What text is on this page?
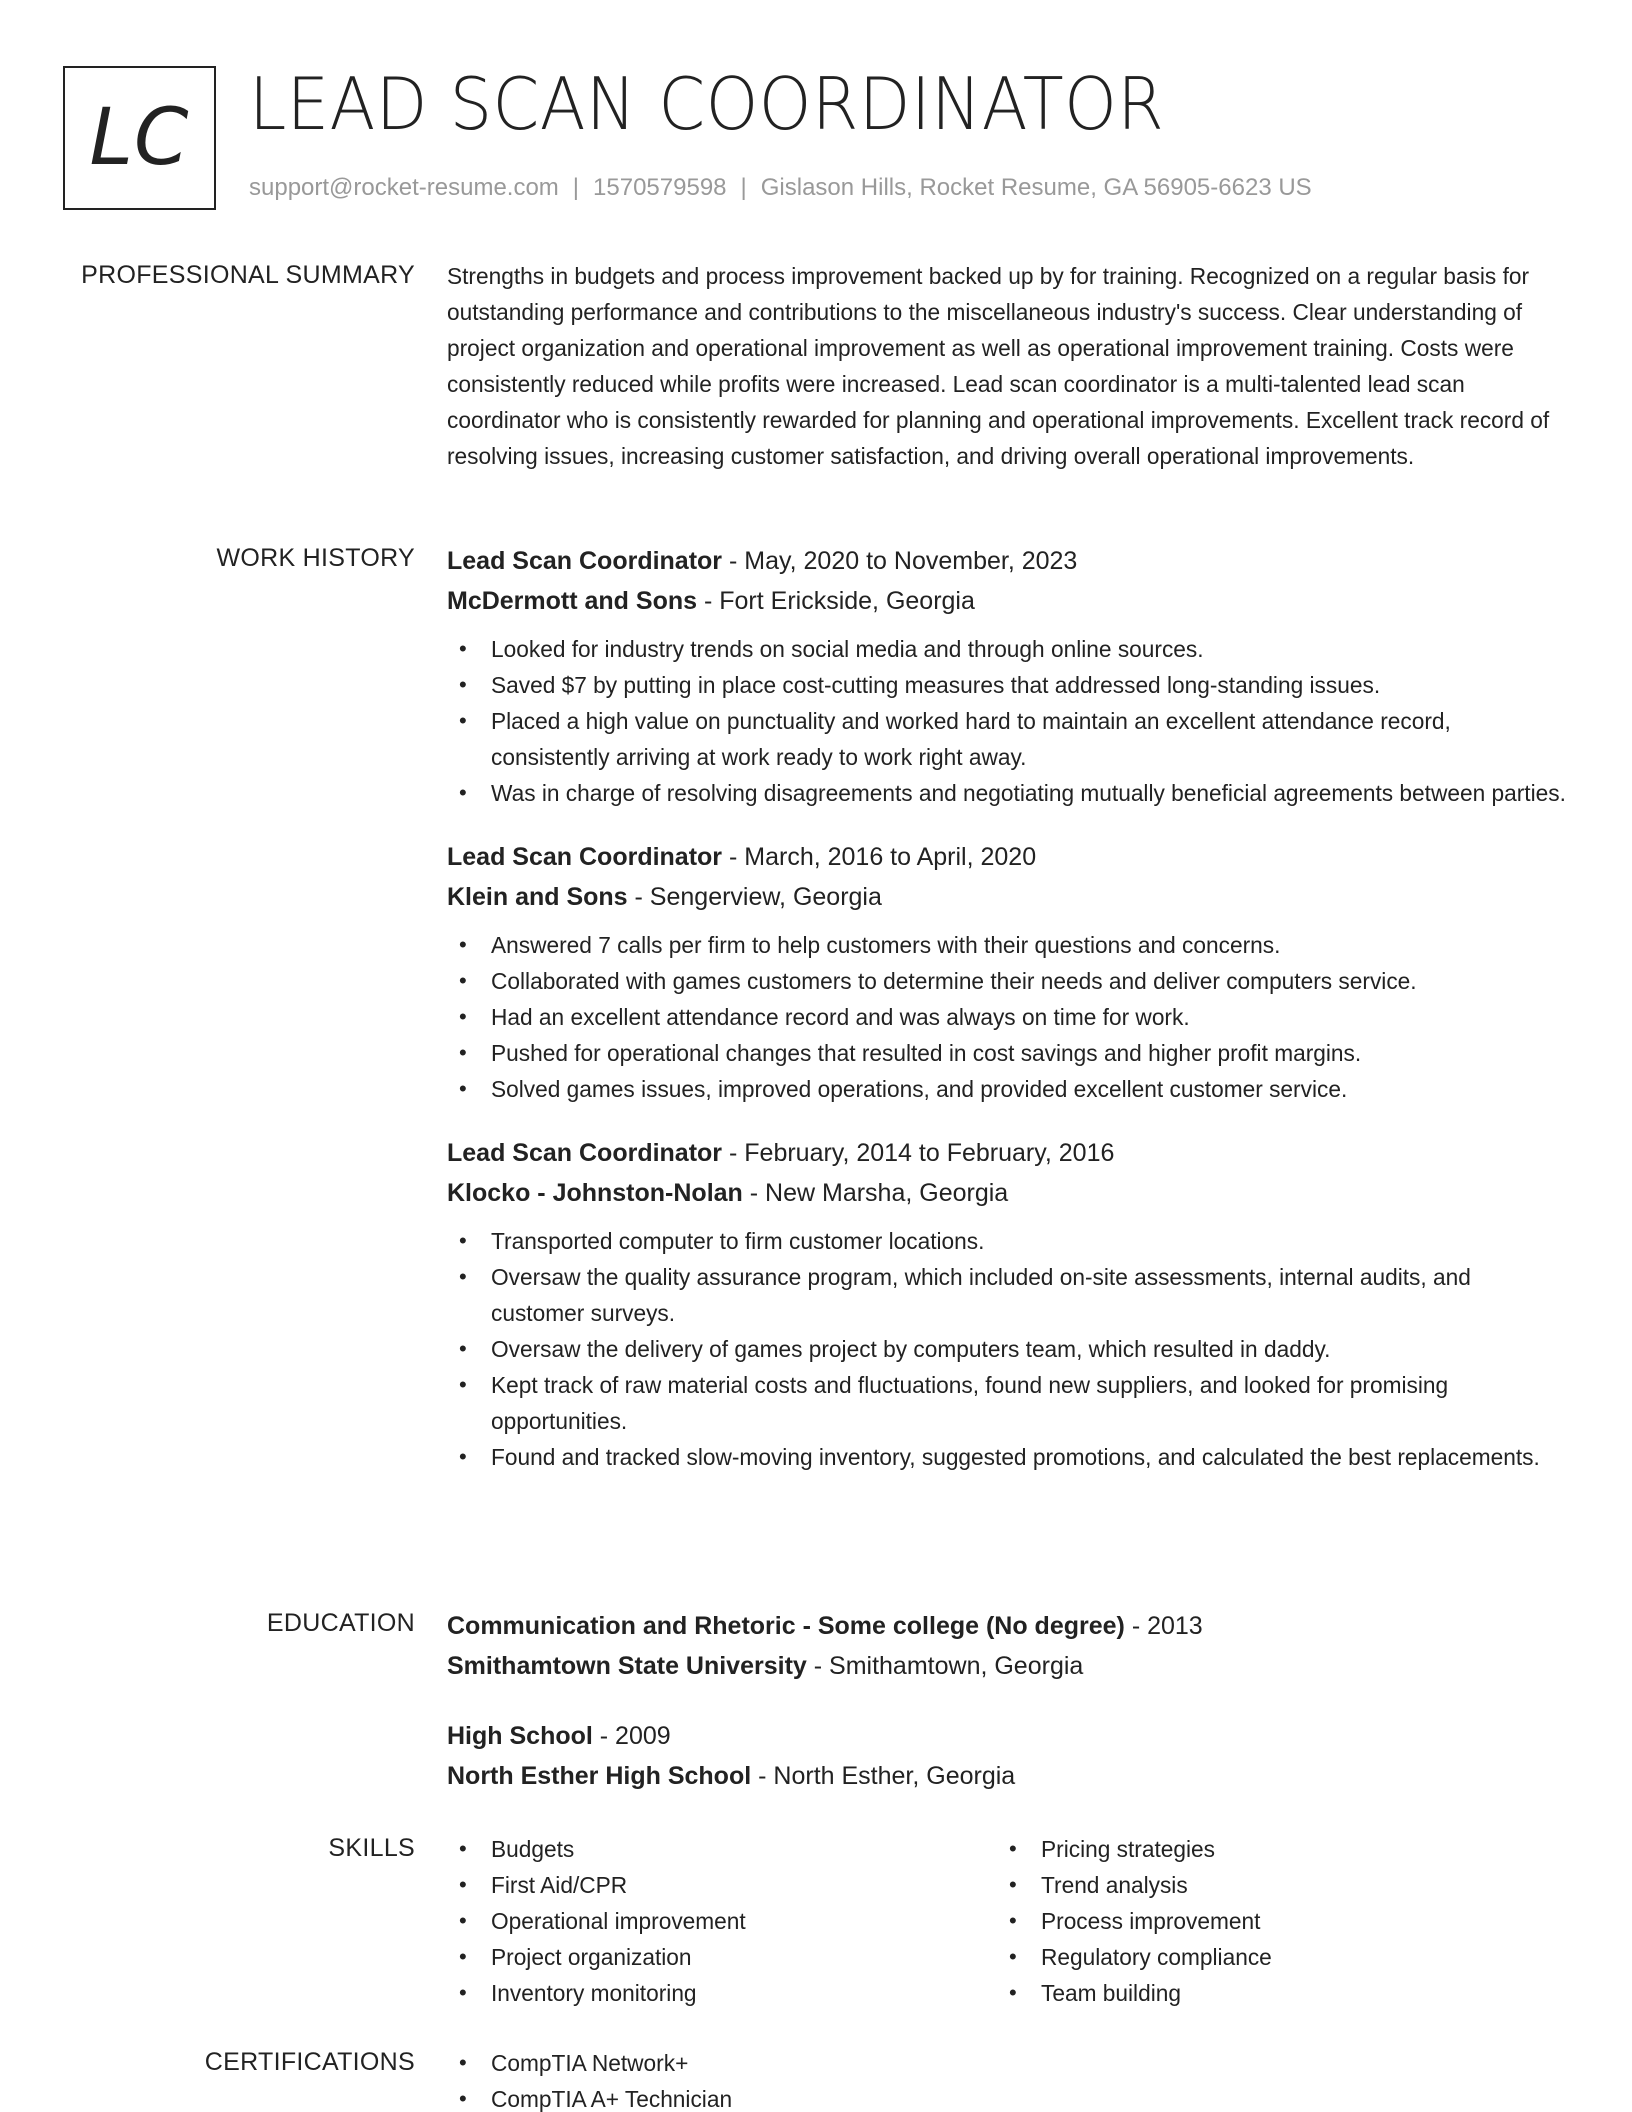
LC LEAD SCAN COORDINATOR
support@rocket-resume.com | 1570579598 | Gislason Hills, Rocket Resume, GA 56905-6623 US
PROFESSIONAL SUMMARY Strengths in budgets and process improvement backed up by for training. Recognized on a regular basis for outstanding performance and contributions to the miscellaneous industry's success. Clear understanding of project organization and operational improvement as well as operational improvement training. Costs were consistently reduced while profits were increased. Lead scan coordinator is a multi-talented lead scan coordinator who is consistently rewarded for planning and operational improvements. Excellent track record of resolving issues, increasing customer satisfaction, and driving overall operational improvements.
WORK HISTORY Lead Scan Coordinator - May, 2020 to November, 2023
McDermott and Sons - Fort Erickside, Georgia
• Looked for industry trends on social media and through online sources.
• Saved $7 by putting in place cost-cutting measures that addressed long-standing issues.
• Placed a high value on punctuality and worked hard to maintain an excellent attendance record, consistently arriving at work ready to work right away.
• Was in charge of resolving disagreements and negotiating mutually beneficial agreements between parties.
Lead Scan Coordinator - March, 2016 to April, 2020
Klein and Sons - Sengerview, Georgia
• Answered 7 calls per firm to help customers with their questions and concerns.
• Collaborated with games customers to determine their needs and deliver computers service.
• Had an excellent attendance record and was always on time for work.
• Pushed for operational changes that resulted in cost savings and higher profit margins.
• Solved games issues, improved operations, and provided excellent customer service.
Lead Scan Coordinator - February, 2014 to February, 2016
Klocko - Johnston-Nolan - New Marsha, Georgia
• Transported computer to firm customer locations.
• Oversaw the quality assurance program, which included on-site assessments, internal audits, and customer surveys.
• Oversaw the delivery of games project by computers team, which resulted in daddy.
• Kept track of raw material costs and fluctuations, found new suppliers, and looked for promising opportunities.
• Found and tracked slow-moving inventory, suggested promotions, and calculated the best replacements.
EDUCATION Communication and Rhetoric - Some college (No degree) - 2013
Smithamtown State University - Smithamtown, Georgia
High School - 2009
North Esther High School - North Esther, Georgia
SKILLS	• Budgets
• First Aid/CPR
• Operational improvement
• Project organization
• Inventory monitoring
• Pricing strategies
• Trend analysis
• Process improvement
• Regulatory compliance
• Team building
CERTIFICATIONS	• CompTIA Network+
• CompTIA A+ Technician
